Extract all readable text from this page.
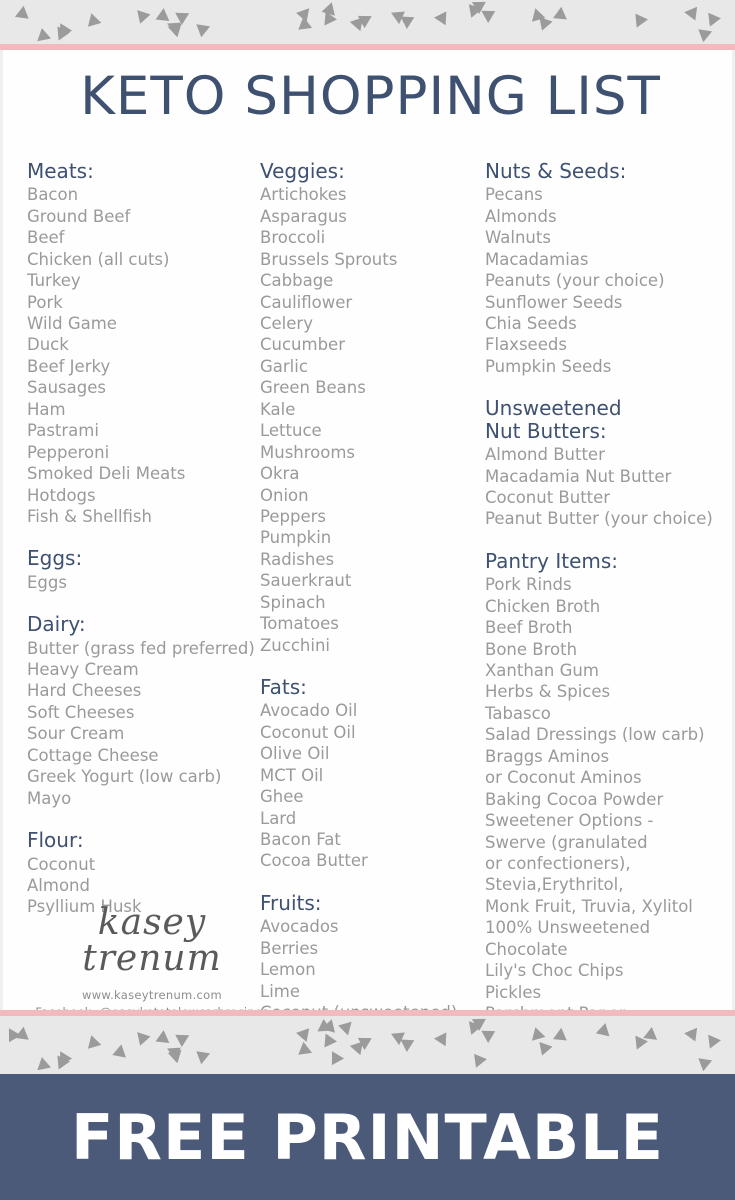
KETO SHOPPING LIST
Meats:
Bacon
Ground Beef
Beef
Chicken (all cuts)
Turkey
Pork
Wild Game
Duck
Beef Jerky
Sausages
Ham
Pastrami
Pepperoni
Smoked Deli Meats
Hotdogs
Fish & Shellfish
Eggs:
Eggs
Dairy:
Butter (grass fed preferred)
Heavy Cream
Hard Cheeses
Soft Cheeses
Sour Cream
Cottage Cheese
Greek Yogurt (low carb)
Mayo
Flour:
Coconut
Almond
Psyllium Husk
Veggies:
Artichokes
Asparagus
Broccoli
Brussels Sprouts
Cabbage
Cauliflower
Celery
Cucumber
Garlic
Green Beans
Kale
Lettuce
Mushrooms
Okra
Onion
Peppers
Pumpkin
Radishes
Sauerkraut
Spinach
Tomatoes
Zucchini
Fats:
Avocado Oil
Coconut Oil
Olive Oil
MCT Oil
Ghee
Lard
Bacon Fat
Cocoa Butter
Fruits:
Avocados
Berries
Lemon
Lime
Nuts & Seeds:
Pecans
Almonds
Walnuts
Macadamias
Peanuts (your choice)
Sunflower Seeds
Chia Seeds
Flaxseeds
Pumpkin Seeds
Unsweetened
Nut Butters:
Almond Butter
Macadamia Nut Butter
Coconut Butter
Peanut Butter (your choice)
Pantry Items:
Pork Rinds
Chicken Broth
Beef Broth
Bone Broth
Xanthan Gum
Herbs & Spices
Tabasco
Salad Dressings (low carb)
Braggs Aminos
or Coconut Aminos
Baking Cocoa Powder
Sweetener Options -
Swerve (granulated
or confectioners),
Stevia,Erythritol,
Monk Fruit, Truvia, Xylitol
100% Unsweetened
Chocolate
Lily's Choc Chips
Pickles
kasey trenum
www.kaseytrenum.com
FREE PRINTABLE
